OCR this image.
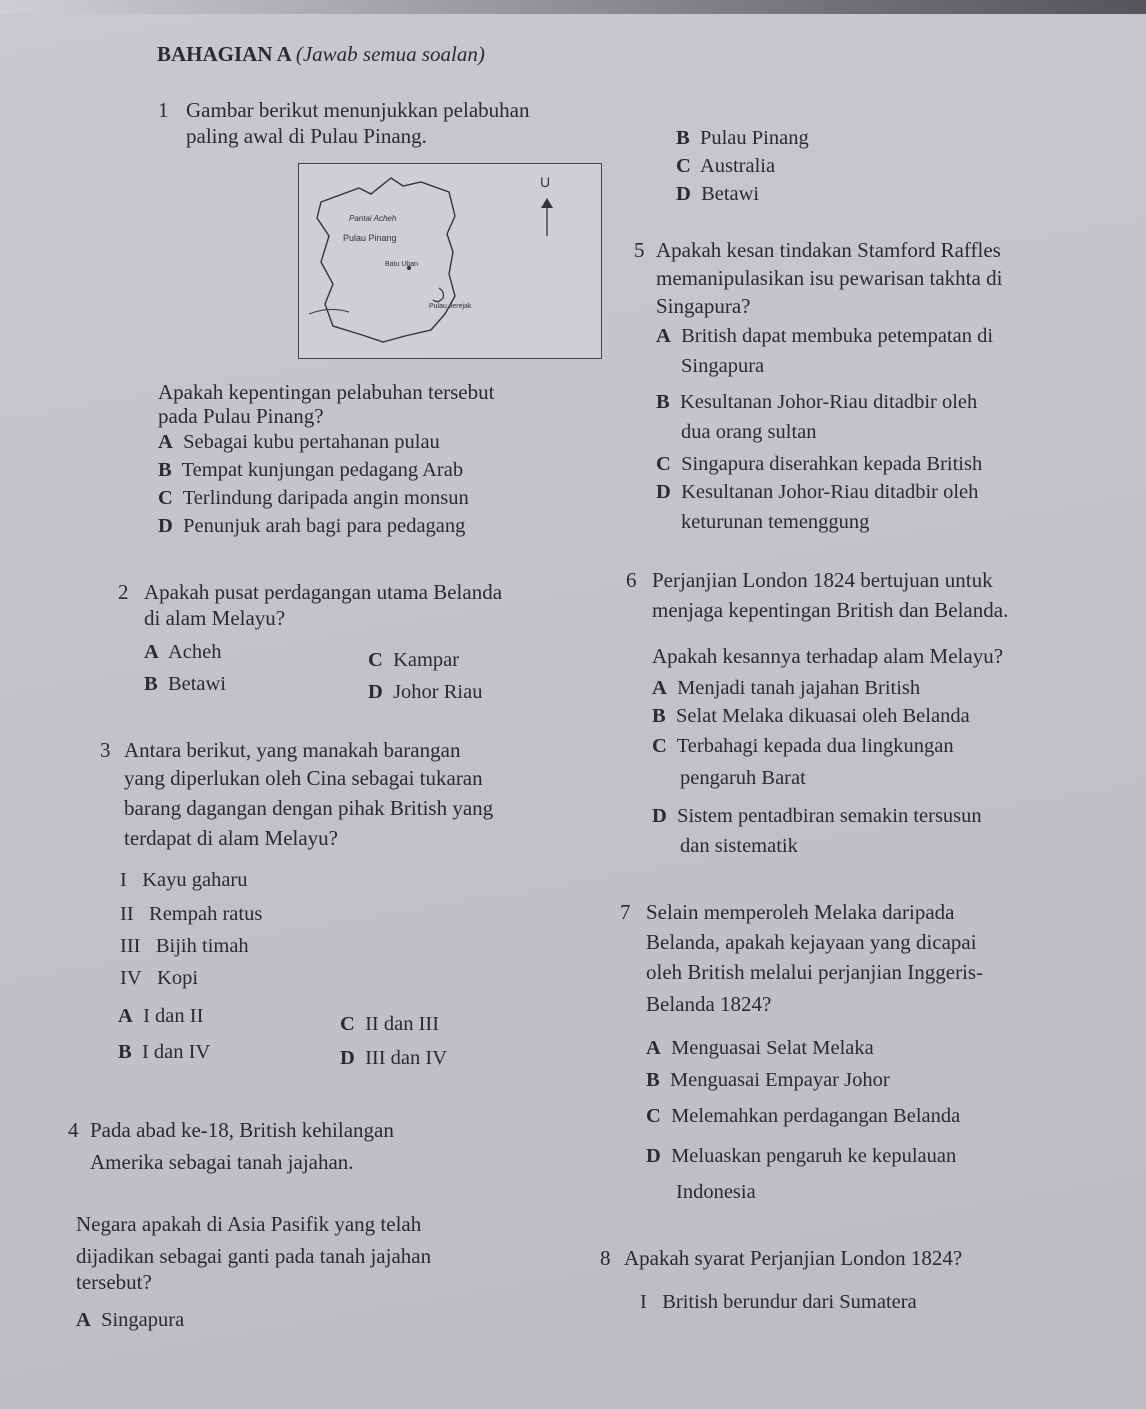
BAHAGIAN A (Jawab semua soalan)
1 Gambar berikut menunjukkan pelabuhan
paling awal di Pulau Pinang.
U
Pantai Acheh
Pulau Pinang
Batu Uban
Pulau Jerejak
Apakah kepentingan pelabuhan tersebut
pada Pulau Pinang?
A Sebagai kubu pertahanan pulau
B Tempat kunjungan pedagang Arab
C Terlindung daripada angin monsun
D Penunjuk arah bagi para pedagang
2 Apakah pusat perdagangan utama Belanda
di alam Melayu?
A Acheh	C Kampar
B Betawi	D Johor Riau
3 Antara berikut, yang manakah barangan
yang diperlukan oleh Cina sebagai tukaran
barang dagangan dengan pihak British yang
terdapat di alam Melayu?
I Kayu gaharu
II Rempah ratus
III Bijih timah
IV Kopi
A I dan II	C II dan III
B I dan IV	D III dan IV
4 Pada abad ke-18, British kehilangan
Amerika sebagai tanah jajahan.
Negara apakah di Asia Pasifik yang telah
dijadikan sebagai ganti pada tanah jajahan
tersebut?
A Singapura
B Pulau Pinang
C Australia
D Betawi
5 Apakah kesan tindakan Stamford Raffles
memanipulasikan isu pewarisan takhta di
Singapura?
A British dapat membuka petempatan di
Singapura
B Kesultanan Johor-Riau ditadbir oleh
dua orang sultan
C Singapura diserahkan kepada British
D Kesultanan Johor-Riau ditadbir oleh
keturunan temenggung
6 Perjanjian London 1824 bertujuan untuk
menjaga kepentingan British dan Belanda.
Apakah kesannya terhadap alam Melayu?
A Menjadi tanah jajahan British
B Selat Melaka dikuasai oleh Belanda
C Terbahagi kepada dua lingkungan
pengaruh Barat
D Sistem pentadbiran semakin tersusun
dan sistematik
7 Selain memperoleh Melaka daripada
Belanda, apakah kejayaan yang dicapai
oleh British melalui perjanjian Inggeris-
Belanda 1824?
A Menguasai Selat Melaka
B Menguasai Empayar Johor
C Melemahkan perdagangan Belanda
D Meluaskan pengaruh ke kepulauan
Indonesia
8 Apakah syarat Perjanjian London 1824?
I British berundur dari Sumatera
